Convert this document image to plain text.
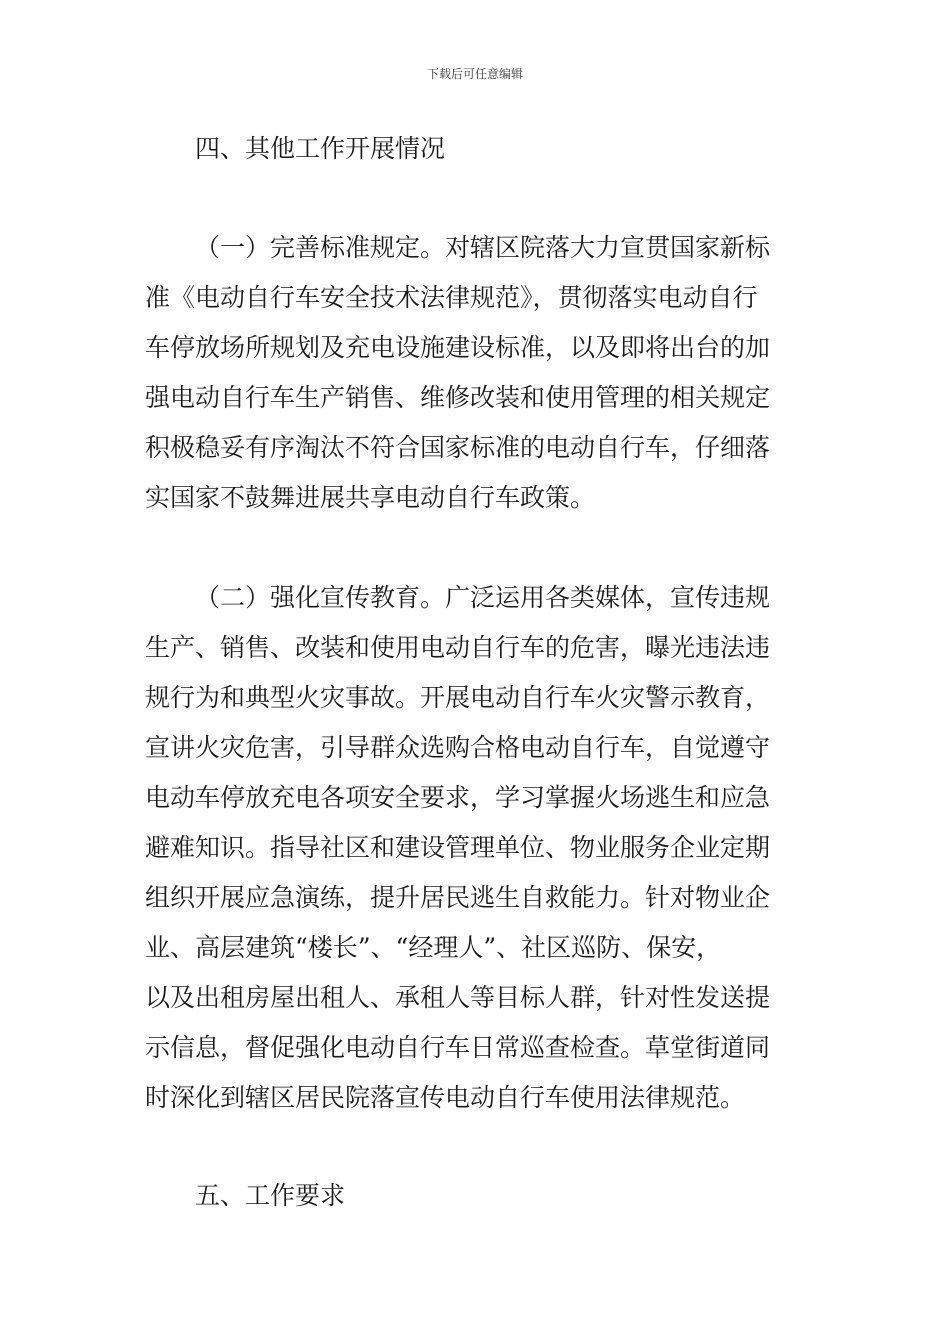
下载后可任意编辑
四、其他工作开展情况
（一）完善标准规定。对辖区院落大力宣贯国家新标
准《电动自行车安全技术法律规范》，贯彻落实电动自行
车停放场所规划及充电设施建设标准，以及即将出台的加
强电动自行车生产销售、维修改装和使用管理的相关规定
积极稳妥有序淘汰不符合国家标准的电动自行车，仔细落
实国家不鼓舞进展共享电动自行车政策。
（二）强化宣传教育。广泛运用各类媒体，宣传违规
生产、销售、改装和使用电动自行车的危害，曝光违法违
规行为和典型火灾事故。开展电动自行车火灾警示教育，
宣讲火灾危害，引导群众选购合格电动自行车，自觉遵守
电动车停放充电各项安全要求，学习掌握火场逃生和应急
避难知识。指导社区和建设管理单位、物业服务企业定期
组织开展应急演练，提升居民逃生自救能力。针对物业企
业、高层建筑“楼长”、“经理人”、社区巡防、保安，
以及出租房屋出租人、承租人等目标人群，针对性发送提
示信息，督促强化电动自行车日常巡查检查。草堂街道同
时深化到辖区居民院落宣传电动自行车使用法律规范。
五、工作要求
